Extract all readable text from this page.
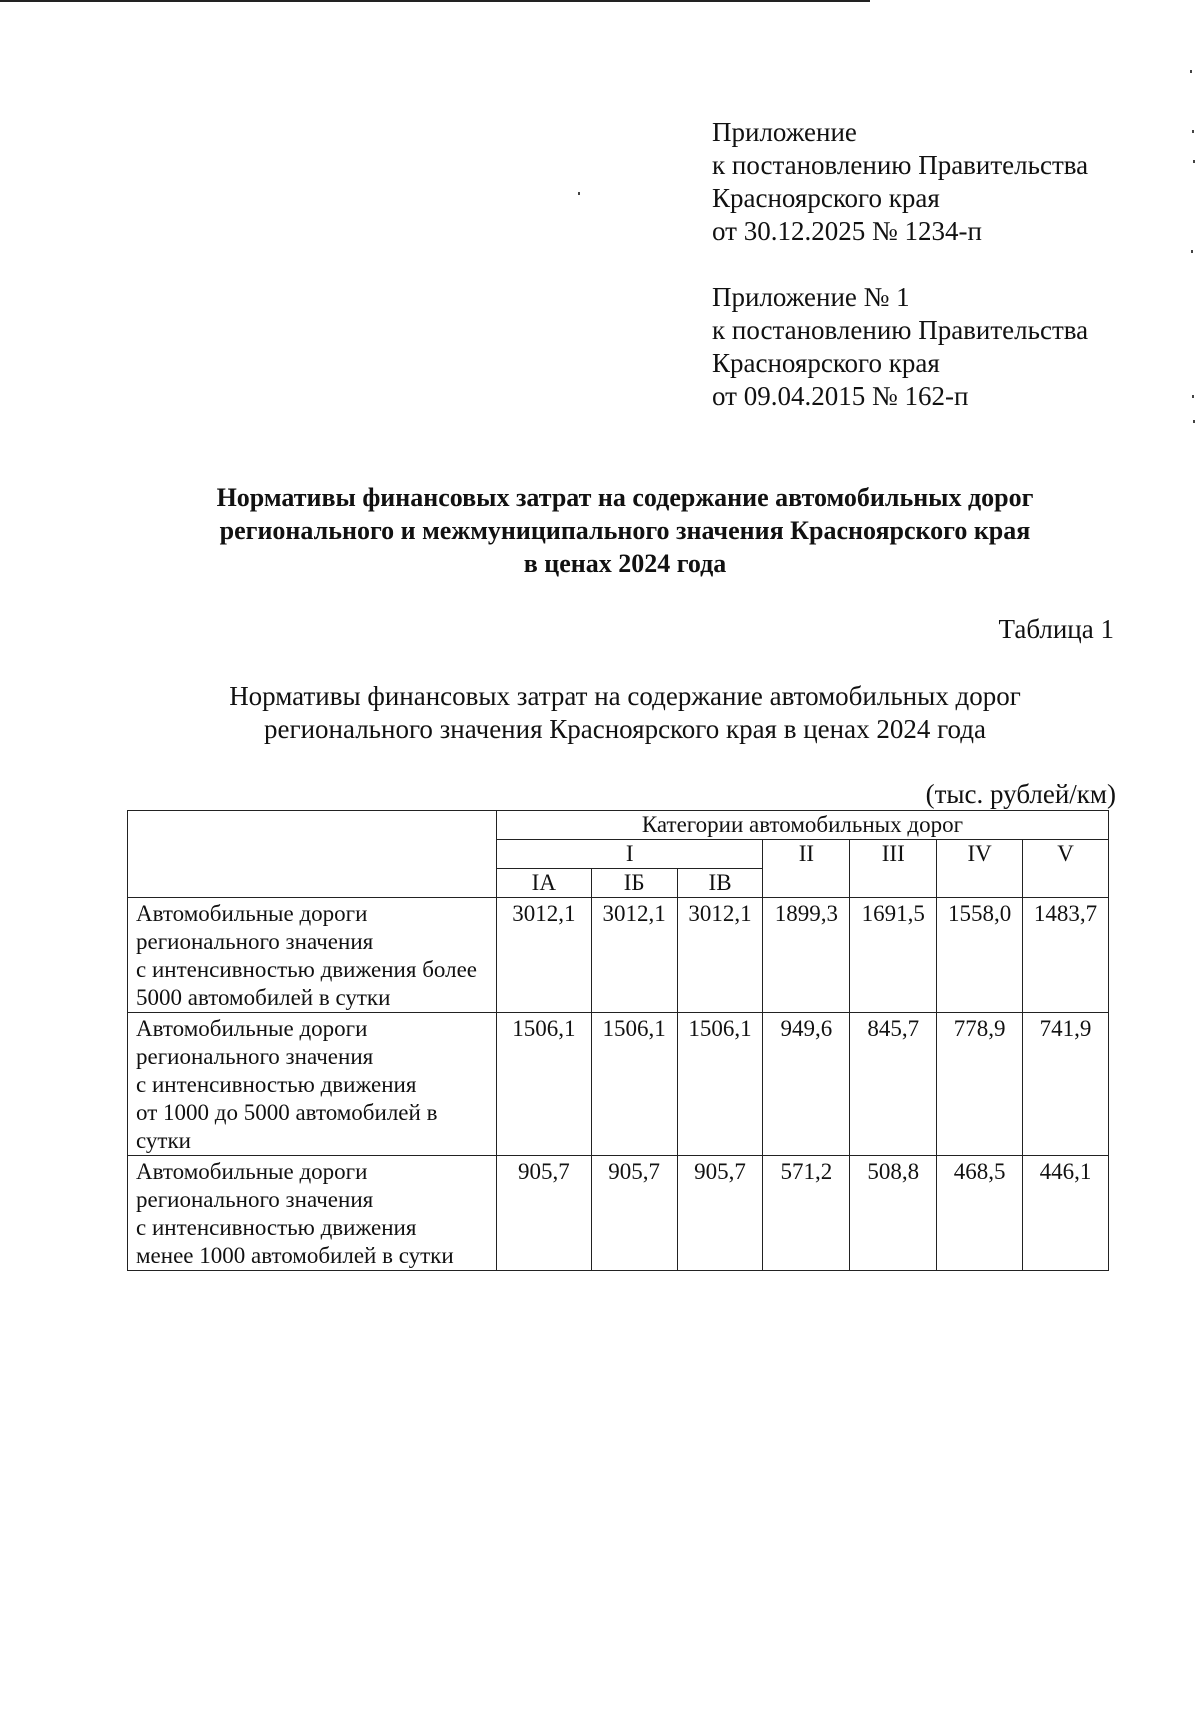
Приложение
к постановлению Правительства
Красноярского края
от 30.12.2025 № 1234-п
Приложение № 1
к постановлению Правительства
Красноярского края
от 09.04.2015 № 162-п
Нормативы финансовых затрат на содержание автомобильных дорог
регионального и межмуниципального значения Красноярского края
в ценах 2024 года
Таблица 1
Нормативы финансовых затрат на содержание автомобильных дорог
регионального значения Красноярского края в ценах 2024 года
(тыс. рублей/км)
	Категории автомобильных дорог						
	I			II	III	IV	V
	IA	IБ	IB				

Автомобильные дороги
регионального значения
с интенсивностью движения более
5000 автомобилей в сутки	3012,1	3012,1	3012,1	1899,3	1691,5	1558,0	1483,7

Автомобильные дороги
регионального значения
с интенсивностью движения
от 1000 до 5000 автомобилей в
сутки	1506,1	1506,1	1506,1	949,6	845,7	778,9	741,9

Автомобильные дороги
регионального значения
с интенсивностью движения
менее 1000 автомобилей в сутки	905,7	905,7	905,7	571,2	508,8	468,5	446,1
